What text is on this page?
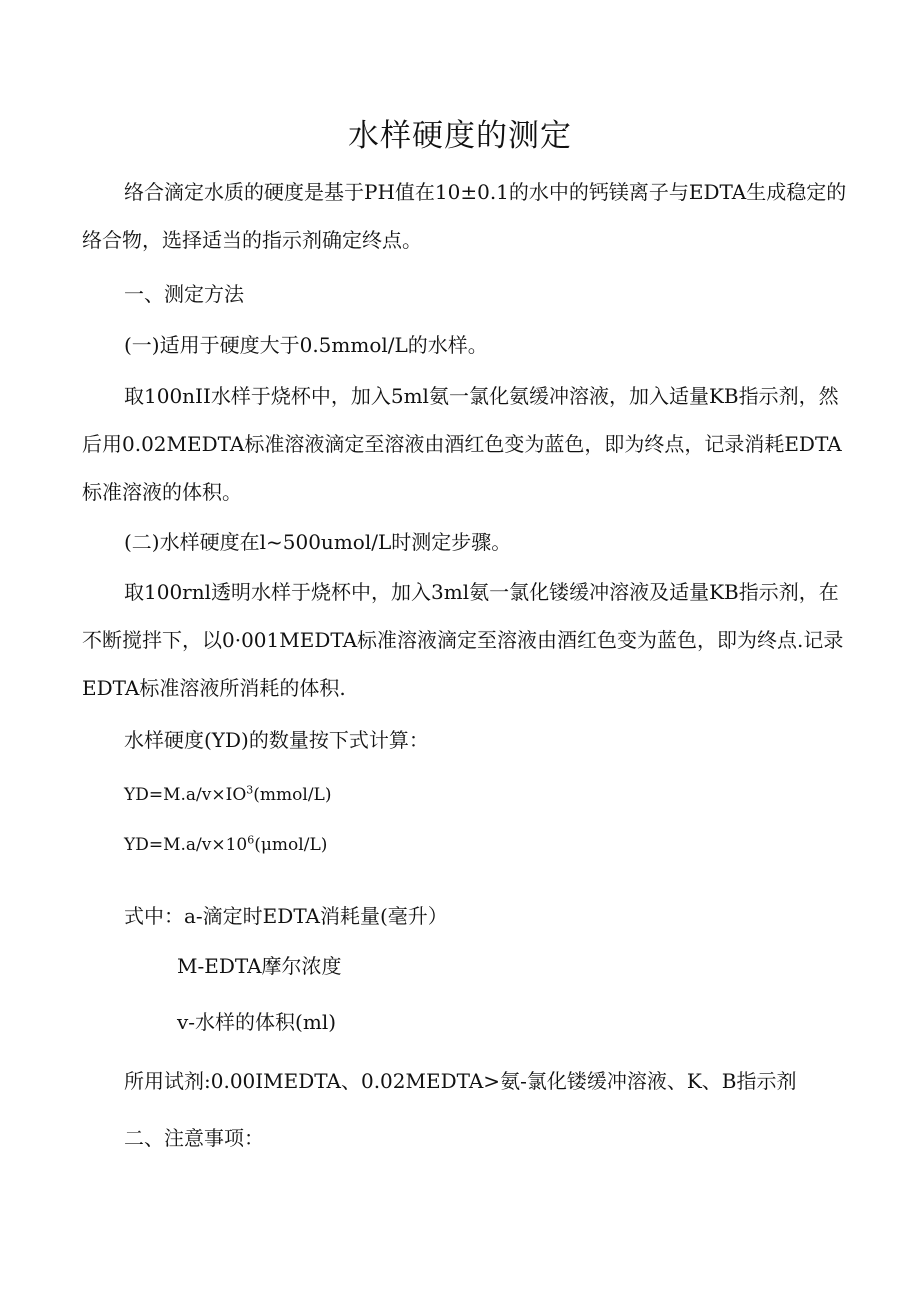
水样硬度的测定

络合滴定水质的硬度是基于PH值在10±0.1的水中的钙镁离子与EDTA生成稳定的络合物，选择适当的指示剂确定终点。

一、测定方法
(一)适用于硬度大于0.5mmol/L的水样。

取100nII水样于烧杯中，加入5ml氨一氯化氨缓冲溶液，加入适量KB指示剂，然后用0.02MEDTA标准溶液滴定至溶液由酒红色变为蓝色，即为终点，记录消耗EDTA标准溶液的体积。

(二)水样硬度在l~500umol/L时测定步骤。

取100rnl透明水样于烧杯中，加入3ml氨一氯化镂缓冲溶液及适量KB指示剂，在不断搅拌下，以0·001MEDTA标准溶液滴定至溶液由酒红色变为蓝色，即为终点.记录EDTA标准溶液所消耗的体积.

水样硬度(YD)的数量按下式计算：
$YD=M.a/v\times IO^3(mmol/L)$
$YD=M.a/v\times 10^6(\mu mol/L)$
式中：a-滴定时EDTA消耗量(毫升）
M-EDTA摩尔浓度
v-水样的体积(ml)
所用试剂:0.00IMEDTA、0.02MEDTA>氨-氯化镂缓冲溶液、K、B指示剂
二、注意事项：
